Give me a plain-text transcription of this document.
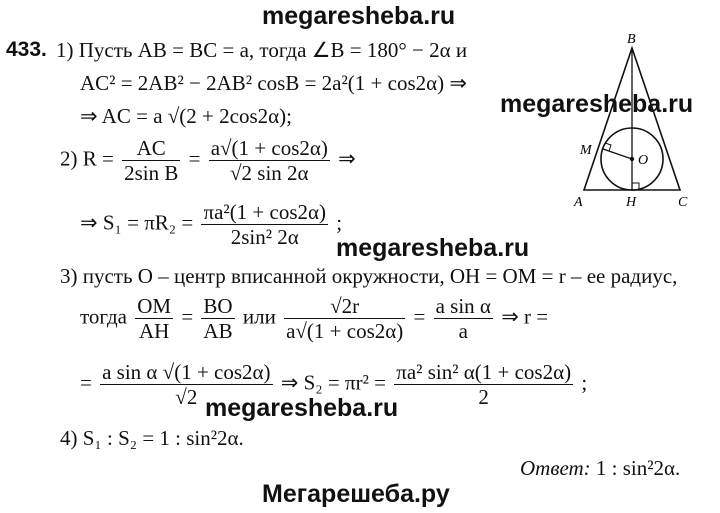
megaresheba.ru
megaresheba.ru
megaresheba.ru
megaresheba.ru
Мегарешеба.ру
433. 1) Пусть AB = BC = a, тогда ∠B = 180° − 2α и
AC² = 2AB² − 2AB² cosB = 2a²(1 + cos2α) ⇒
⇒ AC = a √(2 + 2cos2α);
2) $R = \frac{AC}{\text{2sin B}} = \frac{a√(1 + \cos 2\alpha)}{√2 \sin 2\alpha}$ ⇒
⇒ $S_1 = \pi R_2 = \frac{\text{πa²(1 + cos2α)}}{\text{2sin² 2α}}$ ;
3) пусть O – центр вписанной окружности, OH = OM = r – ее радиус,
тогда $\frac{OM}{AH} = \frac{BO}{AB}$ или $\frac{√2r}{a√(1 + \cos 2\alpha)} = \frac{\text{a sin α}}{a}$ ⇒ r =
= $\frac{\text{a sin α √(1 + cos2α)}}{√2}$ ⇒ $S_2 = \pi r^2 = \frac{\text{πa² sin² α(1 + cos2α)}}{2}$ ;
4) S₁ : S₂ = 1 : sin²2α.
Ответ: 1 : sin²2α.
B
M
O
A	H	C
